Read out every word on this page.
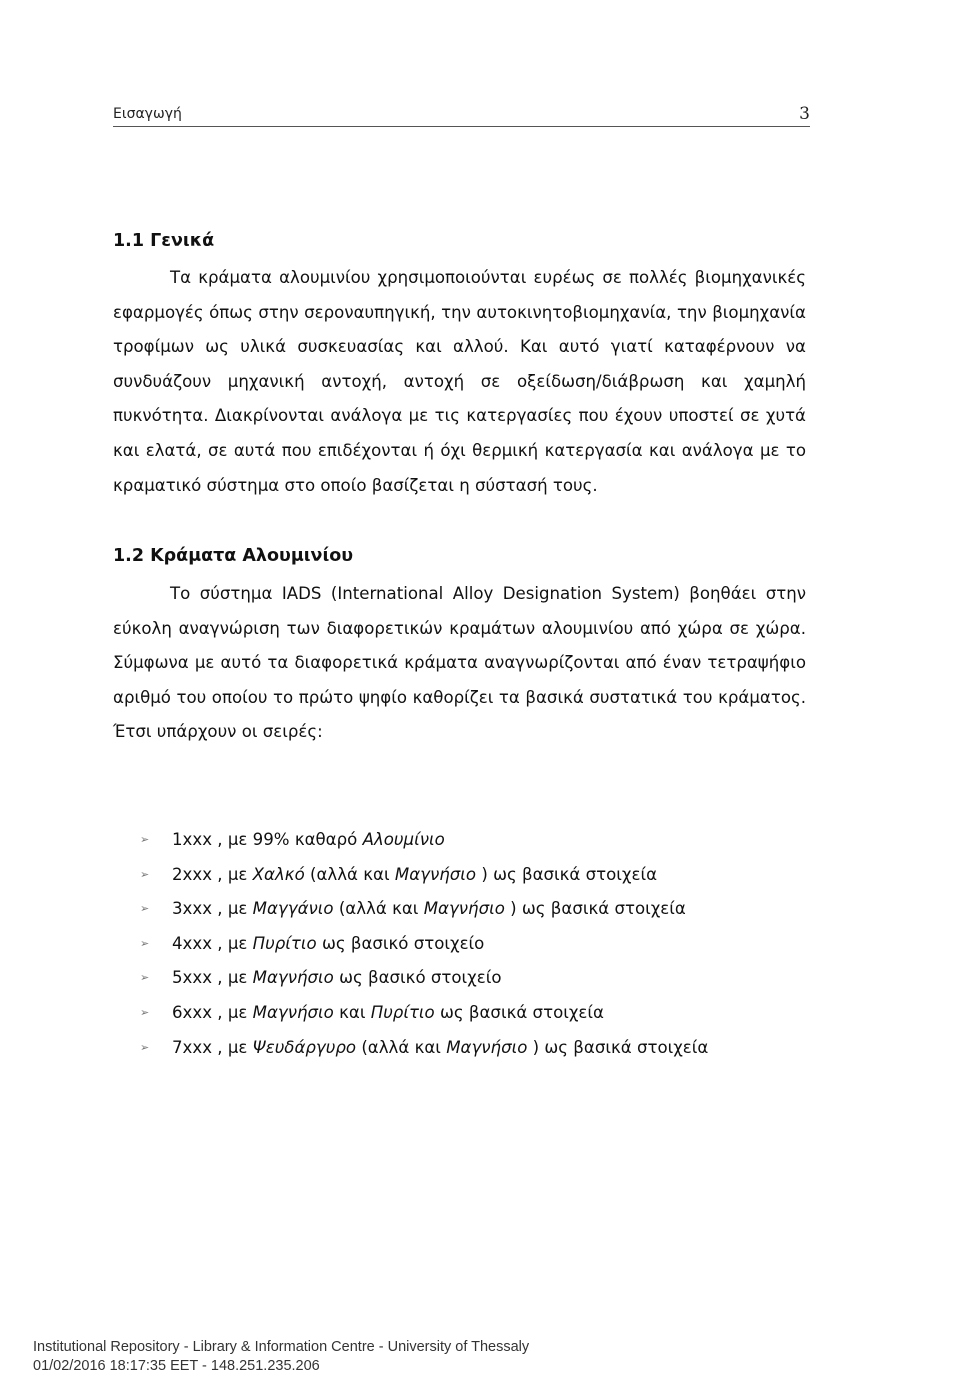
Εισαγωγή	3
1.1 Γενικά

Τα κράματα αλουμινίου χρησιμοποιούνται ευρέως σε πολλές βιομηχανικές εφαρμογές όπως στην σεροναυπηγική, την αυτοκινητοβιομηχανία, την βιομηχανία τροφίμων ως υλικά συσκευασίας και αλλού. Και αυτό γιατί καταφέρνουν να συνδυάζουν μηχανική αντοχή, αντοχή σε οξείδωση/διάβρωση και χαμηλή πυκνότητα. Διακρίνονται ανάλογα με τις κατεργασίες που έχουν υποστεί σε χυτά και ελατά, σε αυτά που επιδέχονται ή όχι θερμική κατεργασία και ανάλογα με το κραματικό σύστημα στο οποίο βασίζεται η σύστασή τους.

1.2 Κράματα Αλουμινίου

Το σύστημα IADS (International Alloy Designation System) βοηθάει στην εύκολη αναγνώριση των διαφορετικών κραμάτων αλουμινίου από χώρα σε χώρα. Σύμφωνα με αυτό τα διαφορετικά κράματα αναγνωρίζονται από έναν τετραψήφιο αριθμό του οποίου το πρώτο ψηφίο καθορίζει τα βασικά συστατικά του κράματος. Έτσι υπάρχουν οι σειρές:

➢ 1xxx , με 99% καθαρό Αλουμίνιο
➢ 2xxx , με Χαλκό (αλλά και Μαγνήσιο ) ως βασικά στοιχεία
➢ 3xxx , με Μαγγάνιο (αλλά και Μαγνήσιο ) ως βασικά στοιχεία
➢ 4xxx , με Πυρίτιο ως βασικό στοιχείο
➢ 5xxx , με Μαγνήσιο ως βασικό στοιχείο
➢ 6xxx , με Μαγνήσιο και Πυρίτιο ως βασικά στοιχεία
➢ 7xxx , με Ψευδάργυρο (αλλά και Μαγνήσιο ) ως βασικά στοιχεία
Institutional Repository - Library & Information Centre - University of Thessaly
01/02/2016 18:17:35 EET - 148.251.235.206
